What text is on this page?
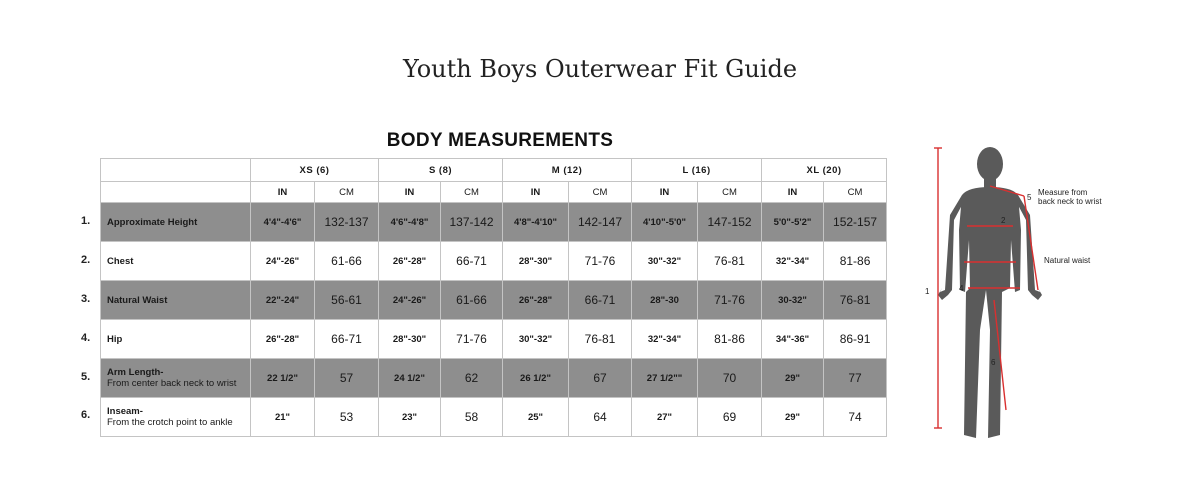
Youth Boys Outerwear Fit Guide
BODY MEASUREMENTS
1.
2.
3.
4.
5.
6.
	XS (6)		S (8)		M (12)		L (16)		XL (20)	
	IN	CM	IN	CM	IN	CM	IN	CM	IN	CM
Approximate Height	4'4"-4'6"	132-137	4'6"-4'8"	137-142	4'8"-4'10"	142-147	4'10"-5'0"	147-152	5'0"-5'2"	152-157
Chest	24"-26"	61-66	26"-28"	66-71	28"-30"	71-76	30"-32"	76-81	32"-34"	81-86
Natural Waist	22"-24"	56-61	24"-26"	61-66	26"-28"	66-71	28"-30	71-76	30-32"	76-81
Hip	26"-28"	66-71	28"-30"	71-76	30"-32"	76-81	32"-34"	81-86	34"-36"	86-91
Arm Length-
From center back neck to wrist	22 1/2"	57	24 1/2"	62	26 1/2"	67	27 1/2""	70	29"	77
Inseam-
From the crotch point to ankle	21"	53	23"	58	25"	64	27"	69	29"	74
1
2
4
5
6
Measure from
back neck to wrist
Natural waist
